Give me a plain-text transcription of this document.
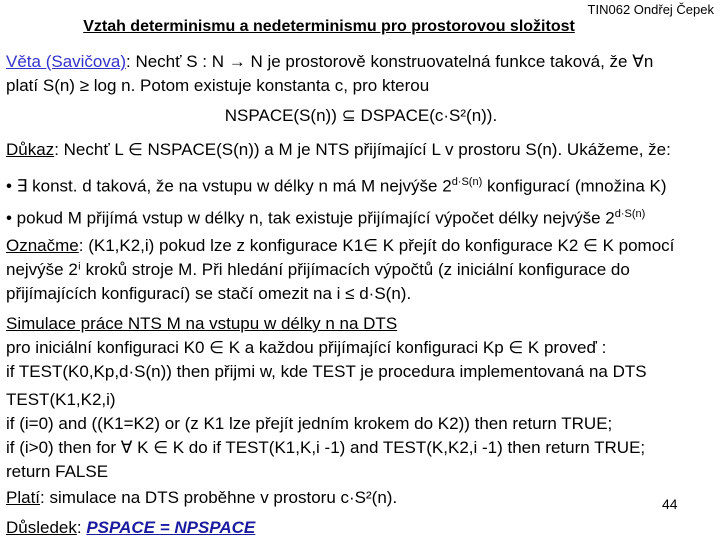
TIN062 Ondřej Čepek
Vztah determinismu a nedeterminismu pro prostorovou složitost
Věta (Savičova): Nechť S : N → N je prostorově konstruovatelná funkce taková, že ∀n
platí S(n) ≥ log n. Potom existuje konstanta c, pro kterou
NSPACE(S(n)) ⊆ DSPACE(c·S²(n)).
Důkaz: Nechť L ∈ NSPACE(S(n)) a M je NTS přijímající L v prostoru S(n). Ukážeme, že:
• ∃ konst. d taková, že na vstupu w délky n má M nejvýše $2^{d\cdot S(n)}$ konfigurací (množina K)
• pokud M přijímá vstup w délky n, tak existuje přijímající výpočet délky nejvýše $2^{d\cdot S(n)}$
Označme: (K1,K2,i) pokud lze z konfigurace K1∈ K přejít do konfigurace K2 ∈ K pomocí
nejvýše 2ⁱ kroků stroje M. Při hledání přijímacích výpočtů (z iniciální konfigurace do
přijímajících konfigurací) se stačí omezit na i ≤ d·S(n).
Simulace práce NTS M na vstupu w délky n na DTS
pro iniciální konfiguraci K0 ∈ K a každou přijímající konfiguraci Kp ∈ K proveď :
if TEST(K0,Kp,d·S(n)) then přijmi w, kde TEST je procedura implementovaná na DTS
TEST(K1,K2,i)
if (i=0) and ((K1=K2) or (z K1 lze přejít jedním krokem do K2)) then return TRUE;
if (i>0) then for ∀ K ∈ K do if TEST(K1,K,i -1) and TEST(K,K2,i -1) then return TRUE;
return FALSE
Platí: simulace na DTS proběhne v prostoru c·S²(n).
Důsledek: PSPACE = NPSPACE
44
